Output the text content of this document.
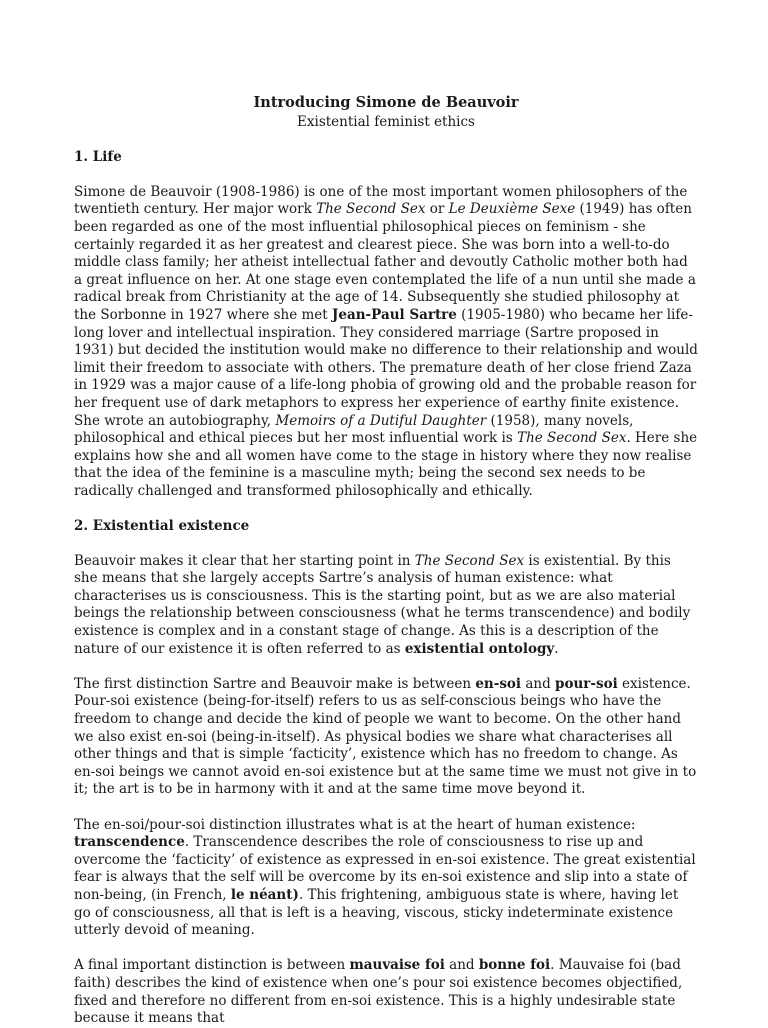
Introducing Simone de Beauvoir
Existential feminist ethics
1. Life

Simone de Beauvoir (1908-1986) is one of the most important women philosophers of the twentieth century. Her major work The Second Sex or Le Deuxième Sexe (1949) has often been regarded as one of the most influential philosophical pieces on feminism - she certainly regarded it as her greatest and clearest piece. She was born into a well-to-do middle class family; her atheist intellectual father and devoutly Catholic mother both had a great influence on her. At one stage even contemplated the life of a nun until she made a radical break from Christianity at the age of 14. Subsequently she studied philosophy at the Sorbonne in 1927 where she met Jean-Paul Sartre (1905-1980) who became her life-long lover and intellectual inspiration. They considered marriage (Sartre proposed in 1931) but decided the institution would make no difference to their relationship and would limit their freedom to associate with others. The premature death of her close friend Zaza in 1929 was a major cause of a life-long phobia of growing old and the probable reason for her frequent use of dark metaphors to express her experience of earthy finite existence. She wrote an autobiography, Memoirs of a Dutiful Daughter (1958), many novels, philosophical and ethical pieces but her most influential work is The Second Sex. Here she explains how she and all women have come to the stage in history where they now realise that the idea of the feminine is a masculine myth; being the second sex needs to be radically challenged and transformed philosophically and ethically.

2. Existential existence

Beauvoir makes it clear that her starting point in The Second Sex is existential. By this she means that she largely accepts Sartre’s analysis of human existence: what characterises us is consciousness. This is the starting point, but as we are also material beings the relationship between consciousness (what he terms transcendence) and bodily existence is complex and in a constant stage of change. As this is a description of the nature of our existence it is often referred to as existential ontology.

The first distinction Sartre and Beauvoir make is between en-soi and pour-soi existence. Pour-soi existence (being-for-itself) refers to us as self-conscious beings who have the freedom to change and decide the kind of people we want to become. On the other hand we also exist en-soi (being-in-itself). As physical bodies we share what characterises all other things and that is simple ‘facticity’, existence which has no freedom to change. As en-soi beings we cannot avoid en-soi existence but at the same time we must not give in to it; the art is to be in harmony with it and at the same time move beyond it.

The en-soi/pour-soi distinction illustrates what is at the heart of human existence: transcendence. Transcendence describes the role of consciousness to rise up and overcome the ‘facticity’ of existence as expressed in en-soi existence. The great existential fear is always that the self will be overcome by its en-soi existence and slip into a state of non-being, (in French, le néant). This frightening, ambiguous state is where, having let go of consciousness, all that is left is a heaving, viscous, sticky indeterminate existence utterly devoid of meaning.

A final important distinction is between mauvaise foi and bonne foi. Mauvaise foi (bad faith) describes the kind of existence when one’s pour soi existence becomes objectified, fixed and therefore no different from en-soi existence. This is a highly undesirable state because it means that
